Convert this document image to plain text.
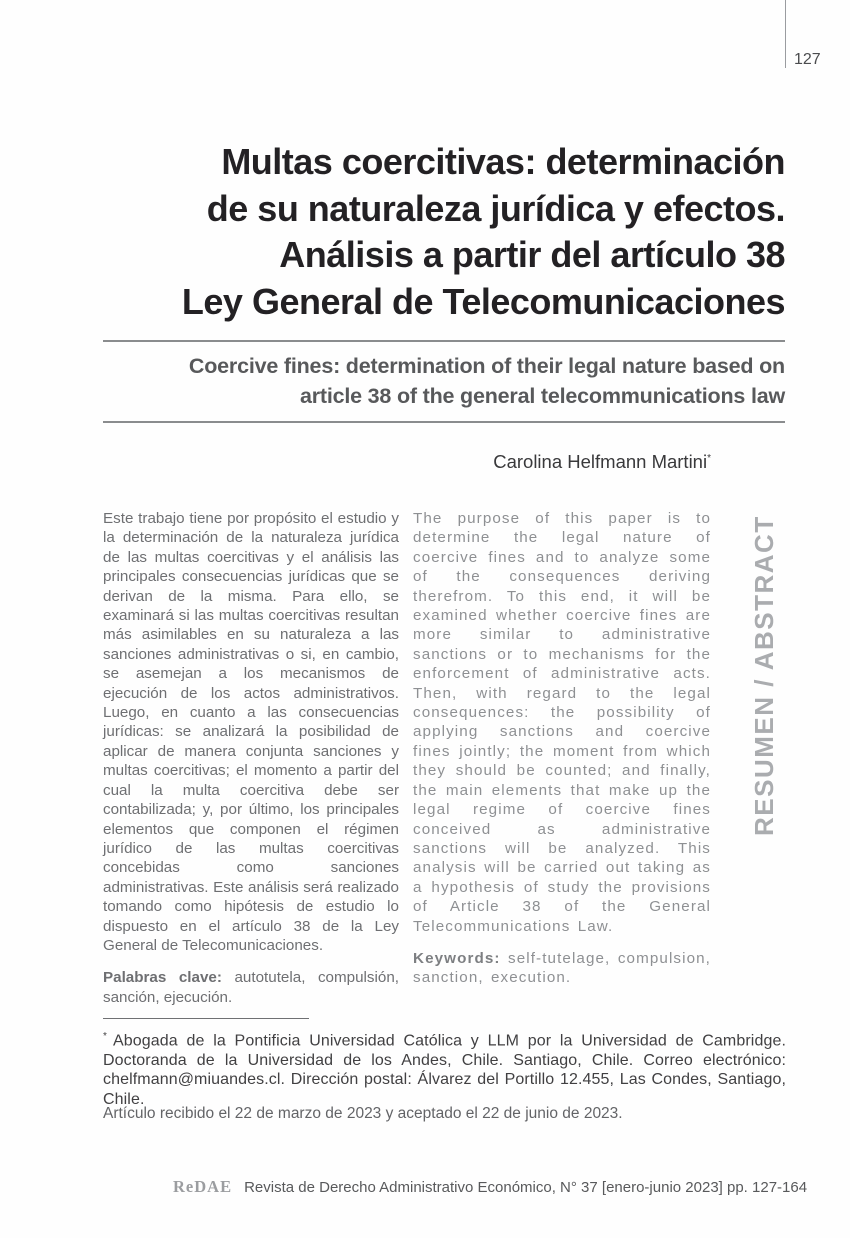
127
Multas coercitivas: determinación
de su naturaleza jurídica y efectos.
Análisis a partir del artículo 38
Ley General de Telecomunicaciones
Coercive fines: determination of their legal nature based on
article 38 of the general telecommunications law
Carolina Helfmann Martini*

Este trabajo tiene por propósito el estudio y la determinación de la naturaleza jurídica de las multas coercitivas y el análisis las principales consecuencias jurídicas que se derivan de la misma. Para ello, se examinará si las multas coercitivas resultan más asimilables en su naturaleza a las sanciones administrativas o si, en cambio, se asemejan a los mecanismos de ejecución de los actos administrativos. Luego, en cuanto a las consecuencias jurídicas: se analizará la posibilidad de aplicar de manera conjunta sanciones y multas coercitivas; el momento a partir del cual la multa coercitiva debe ser contabilizada; y, por último, los principales elementos que componen el régimen jurídico de las multas coercitivas concebidas como sanciones administrativas. Este análisis será realizado tomando como hipótesis de estudio lo dispuesto en el artículo 38 de la Ley General de Telecomunicaciones.

Palabras clave: autotutela, compulsión, sanción, ejecución.

The purpose of this paper is to determine the legal nature of coercive fines and to analyze some of the consequences deriving therefrom. To this end, it will be examined whether coercive fines are more similar to administrative sanctions or to mechanisms for the enforcement of administrative acts. Then, with regard to the legal consequences: the possibility of applying sanctions and coercive fines jointly; the moment from which they should be counted; and finally, the main elements that make up the legal regime of coercive fines conceived as administrative sanctions will be analyzed. This analysis will be carried out taking as a hypothesis of study the provisions of Article 38 of the General Telecommunications Law.

Keywords: self-tutelage, compulsion, sanction, execution.

RESUMEN / ABSTRACT

* Abogada de la Pontificia Universidad Católica y LLM por la Universidad de Cambridge. Doctoranda de la Universidad de los Andes, Chile. Santiago, Chile. Correo electrónico: chelfmann@miuandes.cl. Dirección postal: Álvarez del Portillo 12.455, Las Condes, Santiago, Chile.

Artículo recibido el 22 de marzo de 2023 y aceptado el 22 de junio de 2023.

ReDAE Revista de Derecho Administrativo Económico, N° 37 [enero-junio 2023] pp. 127-164
